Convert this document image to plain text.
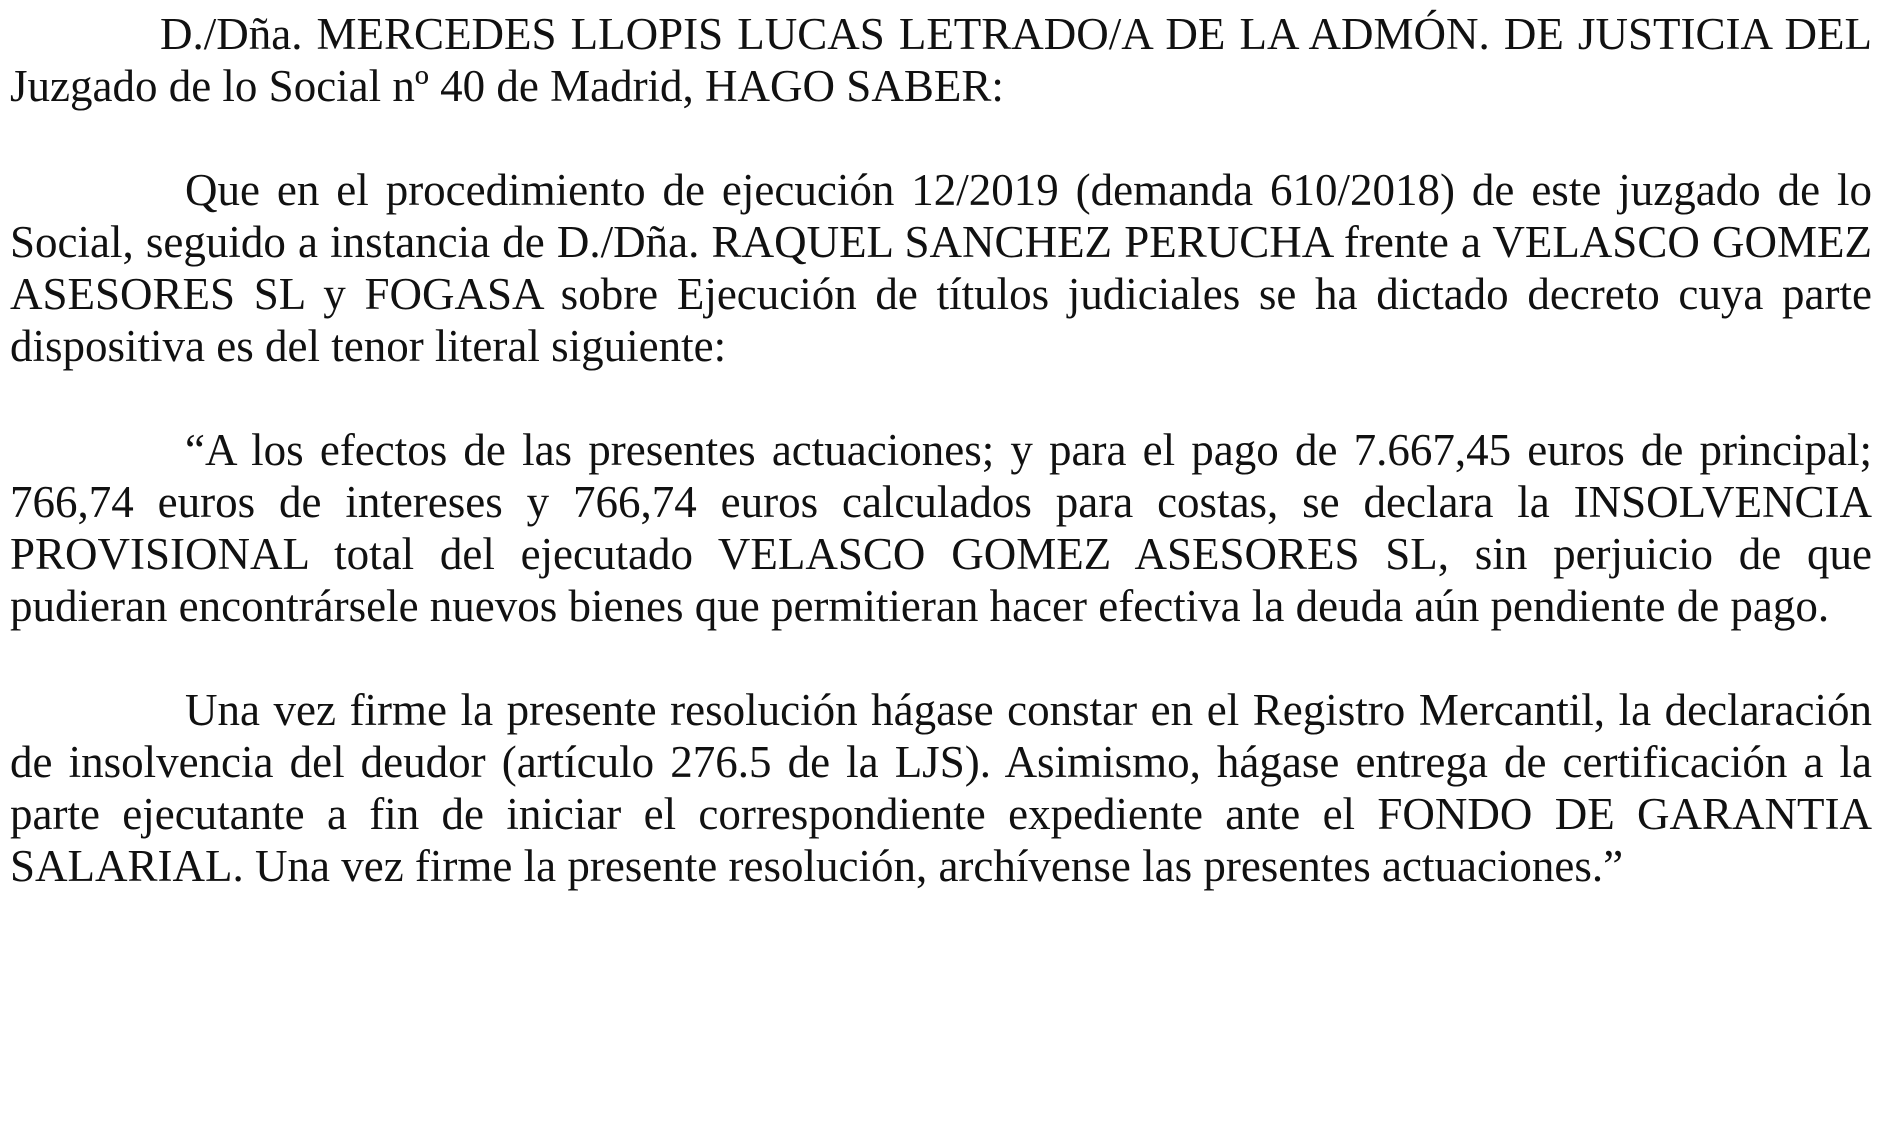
D./Dña. MERCEDES LLOPIS LUCAS LETRADO/A DE LA ADMÓN. DE JUSTICIA DEL Juzgado de lo Social nº 40 de Madrid, HAGO SABER:

Que en el procedimiento de ejecución 12/2019 (demanda 610/2018) de este juzgado de lo Social, seguido a instancia de D./Dña. RAQUEL SANCHEZ PERUCHA frente a VELASCO GOMEZ ASESORES SL y FOGASA sobre Ejecución de títulos judiciales se ha dictado decreto cuya parte dispositiva es del tenor literal siguiente:

“A los efectos de las presentes actuaciones; y para el pago de 7.667,45 euros de principal; 766,74 euros de intereses y 766,74 euros calculados para costas, se declara la INSOLVENCIA PROVISIONAL total del ejecutado VELASCO GOMEZ ASESORES SL, sin perjuicio de que pudieran encontrársele nuevos bienes que permitieran hacer efectiva la deuda aún pendiente de pago.

Una vez firme la presente resolución hágase constar en el Registro Mercantil, la declaración de insolvencia del deudor (artículo 276.5 de la LJS). Asimismo, hágase entrega de certificación a la parte ejecutante a fin de iniciar el correspondiente expediente ante el FONDO DE GARANTIA SALARIAL. Una vez firme la presente resolución, archívense las presentes actuaciones.”
